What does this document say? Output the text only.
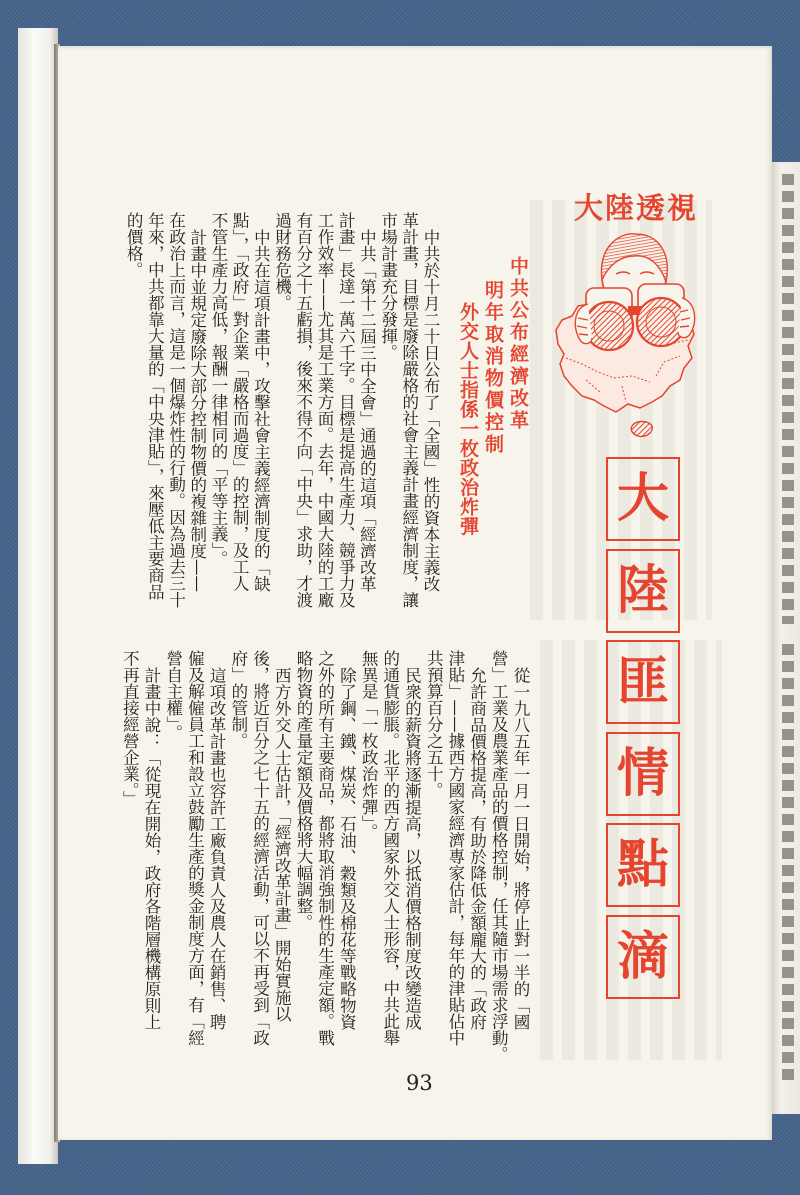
大陸透視
中共公布經濟改革
明年取消物價控制
外交人士指係一枚政治炸彈	大
陸
匪
情
點
滴
中共於十月二十日公布了「全國」性的資本主義改
革計畫，目標是廢除嚴格的社會主義計畫經濟制度，讓
市場計畫充分發揮。
中共「第十二屆三中全會」通過的這項「經濟改革
計畫」長達一萬六千字。目標是提高生產力、競爭力及
工作效率——尤其是工業方面。去年，中國大陸的工廠
有百分之十五虧損，後來不得不向「中央」求助，才渡
過財務危機。
中共在這項計畫中，攻擊社會主義經濟制度的「缺
點」，「政府」對企業「嚴格而過度」的控制，及工人
不管生產力高低，報酬一律相同的「平等主義」。
計畫中並規定廢除大部分控制物價的複雜制度——
在政治上而言，這是一個爆炸性的行動。因為過去三十
年來，中共都靠大量的「中央津貼」，來壓低主要商品
的價格。
從一九八五年一月一日開始，將停止對一半的「國
營」工業及農業產品的價格控制，任其隨市場需求浮動。
允許商品價格提高，有助於降低金額龐大的「政府
津貼」——據西方國家經濟專家估計，每年的津貼佔中
共預算百分之五十。
民衆的薪資將逐漸提高，以抵消價格制度改變造成
的通貨膨脹。北平的西方國家外交人士形容，中共此舉
無異是「一枚政治炸彈」。
除了鋼、鐵、煤炭、石油、穀類及棉花等戰略物資
之外的所有主要商品，都將取消強制性的生產定額。戰
略物資的產量定額及價格將大幅調整。
西方外交人士估計，「經濟改革計畫」開始實施以
後，將近百分之七十五的經濟活動，可以不再受到「政
府」的管制。
這項改革計畫也容許工廠負責人及農人在銷售、聘
僱及解僱員工和設立鼓勵生產的獎金制度方面，有「經
營自主權」。
計畫中說：「從現在開始，政府各階層機構原則上
不再直接經營企業。」
93
